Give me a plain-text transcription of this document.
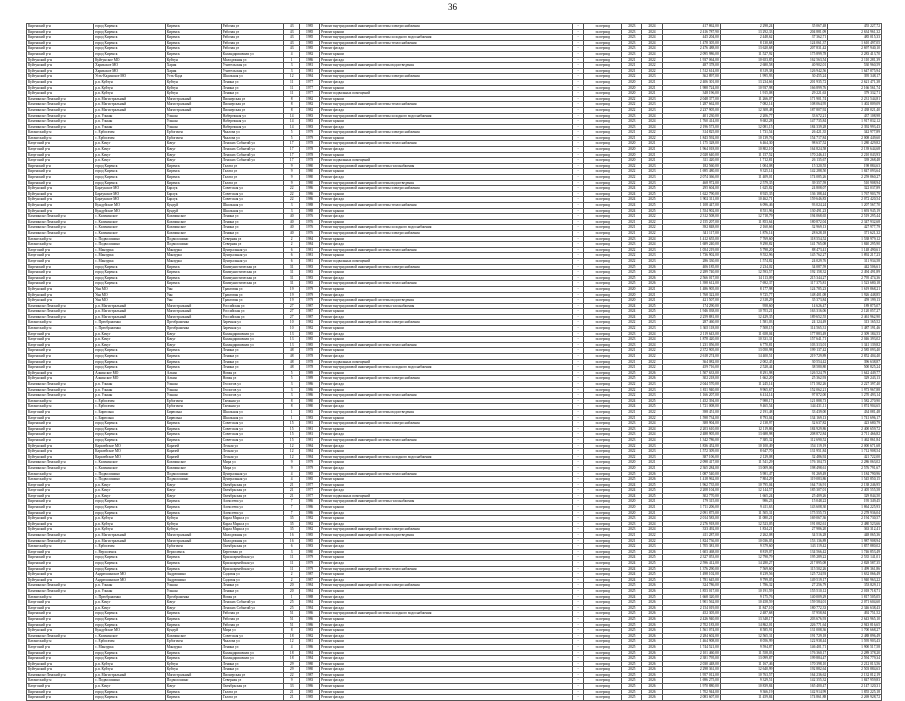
36
Киренский р-н	город Киренск	Киренск	Рабочая ул	43	1985	Ремонт внутридомовой инженерной системы электроснабжения	-	за период	2023	2024	417 862,00	2 298,24	35 067,48	455 227,72
Киренский р-н	город Киренск	Киренск	Рабочая ул	43	1985	Ремонт крыши	-	за период	2023	2024	2 416 787,90	13 292,33	204 881,09	2 634 961,32
Киренский р-н	город Киренск	Киренск	Рабочая ул	43	1985	Ремонт внутридомовой инженерной системы холодного водоснабжения	-	за период	2023	2024	445 204,00	2 448,62	37 362,71	485 015,33
Киренский р-н	город Киренск	Киренск	Рабочая ул	43	1985	Ремонт внутридомовой инженерной системы теплоснабжения	-	за период	2023	2024	1 478 305,00	8 130,68	124 061,37	1 610 497,05
Киренский р-н	город Киренск	Киренск	Рабочая ул	43	1985	Ремонт фасада	-	за период	2023	2024	2 476 488,00	13 620,68	207 831,42	2 697 940,10
Киренский р-н	город Киренск	Киренск	Каландаришвили ул	4	1982	Ремонт крыши	-	за период	2023	2024	2 095 986,00	11 527,92	175 899,78	2 283 413,70
Куйтунский р-н	Куйтунское МО	Куйтун	Молодежная ул	1	1986	Ремонт фасада	-	за период	2021	2022	1 937 064,00	10 653,85	162 563,54	2 110 281,39
Куйтунский р-н	Харикское МО	Харик	Учительская ул	3	1981	Ремонт внутридомовой инженерной системы водоотведения	-	за период	2021	2022	487 378,00	2 680,58	40 902,01	530 960,59
Куйтунский р-н	Харикское МО	Харик	Учительская ул	3	1981	Ремонт крыши	-	за период	2021	2022	1 512 614,00	8 319,38	126 942,56	1 647 875,94
Куйтунский р-н	Усть-Кадинское МО	Усть-Када	Школьная ул	12	1984	Ремонт внутридомовой инженерной системы электроснабжения	-	за период	2022	2023	362 897,00	1 995,93	30 455,24	395 348,17
Куйтунский р-н	р.п. Куйтун	Куйтун	Ленина ул	11	1977	Ремонт фасада	-	за период	2020	2021	2 406 301,00	13 234,66	201 935,72	2 621 471,38
Куйтунский р-н	р.п. Куйтун	Куйтун	Ленина ул	11	1977	Ремонт крыши	-	за период	2020	2021	1 988 724,00	10 937,98	166 899,76	2 166 561,74
Куйтунский р-н	р.п. Куйтун	Куйтун	Ленина ул	11	1977	Ремонт подвальных помещений	-	за период	2020	2021	348 196,00	1 915,08	29 221,63	379 332,71
Казачинско-Ленский р-н	р.п. Магистральный	Магистральный	Пионерская ул	8	1982	Ремонт крыши	-	за период	2022	2023	2 048 377,00	11 266,07	171 901,74	2 231 544,81
Казачинско-Ленский р-н	р.п. Магистральный	Магистральный	Пионерская ул	8	1982	Ремонт внутридомовой инженерной системы теплоснабжения	-	за период	2022	2023	1 287 662,00	7 082,14	108 064,95	1 402 809,09
Казачинско-Ленский р-н	р.п. Магистральный	Магистральный	Пионерская ул	8	1982	Ремонт фасада	-	за период	2022	2023	2 237 905,00	12 308,48	187 807,92	2 438 021,40
Казачинско-Ленский р-н	р.п. Улькан	Улькан	Набережная ул	14	1983	Ремонт внутридомовой инженерной системы холодного водоснабжения	-	за период	2023	2024	401 230,00	2 206,77	33 672,21	437 108,98
Казачинско-Ленский р-н	р.п. Улькан	Улькан	Набережная ул	14	1983	Ремонт крыши	-	за период	2023	2024	1 760 414,00	9 682,28	147 735,84	1 917 832,12
Казачинско-Ленский р-н	р.п. Улькан	Улькан	Набережная ул	14	1983	Ремонт фасада	-	за период	2023	2024	2 196 573,00	12 081,15	184 339,28	2 392 993,43
Катангский р-н	с. Ербогачен	Ербогачен	Чкалова ул	5	1979	Ремонт внутридомовой инженерной системы электроснабжения	-	за период	2021	2022	314 825,00	1 731,54	26 421,35	342 977,89
Катангский р-н	с. Ербогачен	Ербогачен	Чкалова ул	5	1979	Ремонт крыши	-	за период	2021	2022	1 843 592,00	10 139,76	154 717,84	2 008 449,60
Качугский р-н	р.п. Качуг	Качуг	Ленских Событий ул	17	1978	Ремонт внутридомовой инженерной системы теплоснабжения	-	за период	2020	2021	1 175 328,00	6 464,30	98 637,52	1 280 429,82
Качугский р-н	р.п. Качуг	Качуг	Ленских Событий ул	17	1978	Ремонт фасада	-	за период	2020	2021	1 964 018,00	10 802,10	164 824,58	2 139 644,68
Качугский р-н	р.п. Качуг	Качуг	Ленских Событий ул	17	1978	Ремонт крыши	-	за период	2020	2021	2 028 640,00	11 157,52	170 246,41	2 210 043,93
Качугский р-н	р.п. Качуг	Качуг	Ленских Событий ул	17	1978	Ремонт подвальных помещений	-	за период	2020	2021	311 420,00	1 712,81	26 135,67	339 268,48
Киренский р-н	город Киренск	Киренск	Галата ул	9	1980	Ремонт внутридомовой инженерной системы газоснабжения	-	за период	2022	2023	182 560,00	1 004,08	15 320,55	198 884,63
Киренский р-н	город Киренск	Киренск	Галата ул	9	1980	Ремонт крыши	-	за период	2022	2023	1 695 480,00	9 325,14	142 288,50	1 847 093,64
Киренский р-н	город Киренск	Киренск	Галата ул	9	1980	Ремонт фасада	-	за период	2022	2023	2 074 366,00	11 409,01	174 085,26	2 259 860,27
Киренский р-н	город Киренск	Киренск	Галата ул	9	1980	Ремонт внутридомовой инженерной системы водоотведения	-	за период	2022	2023	468 972,00	2 579,35	39 357,59	510 908,94
Куйтунский р-н	Барлукское МО	Барлук	Советская ул	22	1986	Ремонт внутридомовой инженерной системы электроснабжения	-	за период	2024	2025	295 604,00	1 625,82	24 808,07	322 037,89
Куйтунский р-н	Барлукское МО	Барлук	Советская ул	22	1986	Ремонт крыши	-	за период	2024	2025	1 622 790,00	8 925,35	136 188,44	1 767 903,79
Куйтунский р-н	Барлукское МО	Барлук	Советская ул	22	1986	Ремонт фасада	-	за период	2024	2025	1 902 311,00	10 462,71	159 646,83	2 072 420,54
Куйтунский р-н	Кундуйское МО	Кундуй	Школьная ул	3	1988	Ремонт внутридомовой инженерной системы теплоснабжения	-	за период	2024	2025	1 108 447,00	6 096,46	93 024,24	1 207 567,70
Куйтунский р-н	Кундуйское МО	Кундуй	Школьная ул	3	1988	Ремонт крыши	-	за период	2024	2025	1 554 902,00	8 551,96	130 491,23	1 693 945,19
Казачинско-Ленский р-н	с. Казачинское	Казачинское	Ленина ул	40	1976	Ремонт фасада	-	за период	2021	2022	2 312 508,00	12 718,79	194 068,65	2 519 295,44
Казачинско-Ленский р-н	с. Казачинское	Казачинское	Ленина ул	40	1976	Ремонт крыши	-	за период	2021	2022	2 155 207,00	11 853,64	180 872,04	2 347 932,68
Казачинско-Ленский р-н	с. Казачинское	Казачинское	Ленина ул	40	1976	Ремонт внутридомовой инженерной системы холодного водоснабжения	-	за период	2021	2022	392 848,00	2 160,66	32 969,13	427 977,79
Казачинско-Ленский р-н	с. Казачинское	Казачинское	Ленина ул	40	1976	Ремонт внутридомовой инженерной системы электроснабжения	-	за период	2021	2022	341 117,00	1 876,14	28 628,18	371 621,32
Катангский р-н	с. Подволошино	Подволошино	Северная ул	2	1984	Ремонт крыши	-	за период	2023	2024	1 412 655,00	7 769,60	118 554,52	1 538 979,12
Катангский р-н	с. Подволошино	Подволошино	Северная ул	2	1984	Ремонт фасада	-	за период	2023	2024	1 689 240,00	9 290,82	141 765,08	1 840 295,90
Качугский р-н	с. Манзурка	Манзурка	Центральная ул	6	1981	Ремонт внутридомовой инженерной системы теплоснабжения	-	за период	2022	2023	1 054 219,00	5 798,20	88 473,41	1 148 490,61
Качугский р-н	с. Манзурка	Манзурка	Центральная ул	6	1981	Ремонт крыши	-	за период	2022	2023	1 736 902,00	9 552,96	145 762,27	1 892 217,23
Качугский р-н	с. Манзурка	Манзурка	Центральная ул	6	1981	Ремонт подвальных помещений	-	за период	2022	2023	286 330,00	1 574,82	24 029,76	311 934,58
Киренский р-н	город Киренск	Киренск	Коммунистическая ул	31	1983	Ремонт внутридомовой инженерной системы электроснабжения	-	за период	2025	2026	406 185,00	2 234,02	34 087,59	442 506,61
Киренский р-н	город Киренск	Киренск	Коммунистическая ул	31	1983	Ремонт крыши	-	за период	2025	2026	2 289 740,00	12 593,57	192 158,32	2 494 491,89
Киренский р-н	город Киренск	Киренск	Коммунистическая ул	31	1983	Ремонт фасада	-	за период	2025	2026	2 566 017,00	14 113,09	215 344,27	2 795 474,36
Киренский р-н	город Киренск	Киренск	Коммунистическая ул	31	1983	Ремонт внутридомовой инженерной системы теплоснабжения	-	за период	2025	2026	1 398 612,00	7 692,37	117 375,81	1 523 680,18
Куйтунский р-н	Уян МО	Уян	Трактовая ул	19	1979	Ремонт крыши	-	за период	2020	2021	1 486 905,00	8 177,98	124 785,23	1 619 868,21
Куйтунский р-н	Уян МО	Уян	Трактовая ул	19	1979	Ремонт фасада	-	за период	2020	2021	1 768 322,00	9 725,77	148 401,08	1 926 448,85
Куйтунский р-н	Уян МО	Уян	Трактовая ул	19	1979	Ремонт внутридомовой инженерной системы водоотведения	-	за период	2020	2021	421 507,00	2 318,29	35 373,84	459 199,13
Казачинско-Ленский р-н	р.п. Магистральный	Магистральный	Российская ул	27	1987	Ремонт внутридомовой инженерной системы газоснабжения	-	за период	2024	2025	174 290,00	958,60	14 626,47	189 875,07
Казачинско-Ленский р-н	р.п. Магистральный	Магистральный	Российская ул	27	1987	Ремонт крыши	-	за период	2024	2025	1 946 038,00	10 703,21	163 316,06	2 120 057,27
Казачинско-Ленский р-н	р.п. Магистральный	Магистральный	Российская ул	27	1987	Ремонт фасада	-	за период	2024	2025	2 259 881,00	12 429,35	189 652,55	2 461 962,90
Катангский р-н	с. Преображенка	Преображенка	Заречная ул	10	1982	Ремонт внутридомовой инженерной системы электроснабжения	-	за период	2022	2023	287 460,00	1 581,03	24 124,49	313 165,52
Катангский р-н	с. Преображенка	Преображенка	Заречная ул	10	1982	Ремонт крыши	-	за период	2022	2023	1 365 118,00	7 508,15	114 565,31	1 487 191,46
Качугский р-н	р.п. Качуг	Качуг	Каландаришвили ул	13	1985	Ремонт фасада	-	за период	2023	2024	2 119 643,00	11 658,04	177 883,49	2 309 184,53
Качугский р-н	р.п. Качуг	Качуг	Каландаришвили ул	13	1985	Ремонт крыши	-	за период	2023	2024	1 878 420,00	10 331,31	157 641,71	2 046 393,02
Качугский р-н	р.п. Качуг	Качуг	Каландаришвили ул	13	1985	Ремонт внутридомовой инженерной системы теплоснабжения	-	за период	2023	2024	1 231 056,00	6 770,81	103 313,01	1 341 139,82
Киренский р-н	город Киренск	Киренск	Ленина ул	48	1978	Ремонт крыши	-	за период	2021	2022	2 372 905,00	13 050,98	199 137,42	2 585 093,40
Киренский р-н	город Киренск	Киренск	Ленина ул	48	1978	Ремонт фасада	-	за период	2021	2022	2 618 274,00	14 400,51	219 729,89	2 852 404,40
Киренский р-н	город Киренск	Киренск	Ленина ул	48	1978	Ремонт подвальных помещений	-	за период	2021	2022	364 082,00	2 002,45	30 554,42	396 638,87
Киренский р-н	город Киренск	Киренск	Ленина ул	48	1978	Ремонт внутридомовой инженерной системы холодного водоснабжения	-	за период	2021	2022	459 716,00	2 528,44	38 580,80	500 825,24
Куйтунский р-н	Алкинское МО	Алкин	Новая ул	5	1989	Ремонт крыши	-	за период	2025	2026	1 507 633,00	8 291,98	126 524,79	1 642 449,77
Куйтунский р-н	Алкинское МО	Алкин	Новая ул	5	1989	Ремонт внутридомовой инженерной системы электроснабжения	-	за период	2025	2026	302 218,00	1 662,20	25 362,93	329 243,13
Казачинско-Ленский р-н	р.п. Улькан	Улькан	Геологов ул	3	1986	Ремонт фасада	-	за период	2022	2023	2 044 570,00	11 245,14	171 582,26	2 227 397,40
Казачинско-Ленский р-н	р.п. Улькан	Улькан	Геологов ул	3	1986	Ремонт крыши	-	за период	2022	2023	1 811 940,00	9 965,67	152 062,21	1 973 967,88
Казачинско-Ленский р-н	р.п. Улькан	Улькан	Геологов ул	3	1986	Ремонт внутридомовой инженерной системы теплоснабжения	-	за период	2022	2023	1 166 207,00	6 414,14	97 872,00	1 270 493,14
Катангский р-н	с. Ербогачен	Ербогачен	Таежная ул	8	1980	Ремонт крыши	-	за период	2024	2025	1 452 394,00	7 988,17	121 888,73	1 582 270,90
Катангский р-н	с. Ербогачен	Ербогачен	Таежная ул	8	1980	Ремонт фасада	-	за период	2024	2025	1 721 008,00	9 465,54	144 431,11	1 874 904,65
Качугский р-н	с. Бирюлька	Бирюлька	Школьная ул	1	1983	Ремонт внутридомовой инженерной системы водоотведения	-	за период	2021	2022	398 451,00	2 191,48	33 439,00	434 081,48
Качугский р-н	с. Бирюлька	Бирюлька	Школьная ул	1	1983	Ремонт крыши	-	за период	2021	2022	1 598 734,00	8 793,04	134 169,13	1 741 696,17
Киренский р-н	город Киренск	Киренск	Советская ул	15	1981	Ремонт внутридомовой инженерной системы электроснабжения	-	за период	2023	2024	388 904,00	2 138,97	32 637,82	423 680,79
Киренский р-н	город Киренск	Киренск	Советская ул	15	1981	Ремонт крыши	-	за период	2023	2024	2 203 610,00	12 119,86	184 929,86	2 400 659,72
Киренский р-н	город Киренск	Киренск	Советская ул	15	1981	Ремонт фасада	-	за период	2023	2024	2 488 905,00	13 688,98	208 872,84	2 711 466,82
Киренский р-н	город Киренск	Киренск	Советская ул	15	1981	Ремонт внутридомовой инженерной системы теплоснабжения	-	за период	2023	2024	1 342 786,00	7 385,32	112 690,52	1 462 861,84
Куйтунский р-н	Каразейское МО	Каразей	Лесная ул	12	1984	Ремонт фасада	-	за период	2022	2023	1 836 452,00	10 100,49	154 119,19	2 000 671,68
Куйтунский р-н	Каразейское МО	Каразей	Лесная ул	12	1984	Ремонт крыши	-	за период	2022	2023	1 572 309,00	8 647,70	131 951,84	1 712 908,54
Куйтунский р-н	Каразейское МО	Каразей	Лесная ул	12	1984	Ремонт внутридомовой инженерной системы холодного водоснабжения	-	за период	2022	2023	387 106,00	2 129,08	32 486,92	421 722,00
Казачинско-Ленский р-н	с. Казачинское	Казачинское	Мира ул	9	1979	Ремонт крыши	-	за период	2020	2021	2 098 417,00	11 541,29	176 104,73	2 286 063,02
Казачинско-Ленский р-н	с. Казачинское	Казачинское	Мира ул	9	1979	Ремонт фасада	-	за период	2020	2021	2 365 284,00	13 009,06	198 498,61	2 576 791,67
Катангский р-н	с. Подволошино	Подволошино	Центральная ул	4	1985	Ремонт внутридомовой инженерной системы теплоснабжения	-	за период	2025	2026	1 087 540,00	5 981,47	91 269,49	1 184 790,96
Катангский р-н	с. Подволошино	Подволошино	Центральная ул	4	1985	Ремонт крыши	-	за период	2025	2026	1 418 962,00	7 804,29	119 083,86	1 545 850,15
Качугский р-н	р.п. Качуг	Качуг	Октябрьская ул	21	1977	Ремонт крыши	-	за период	2024	2025	1 962 735,00	10 795,04	164 716,91	2 138 246,95
Качугский р-н	р.п. Качуг	Качуг	Октябрьская ул	21	1977	Ремонт фасада	-	за период	2024	2025	2 208 104,00	12 144,57	185 307,01	2 405 555,58
Качугский р-н	р.п. Качуг	Качуг	Октябрьская ул	21	1977	Ремонт подвальных помещений	-	за период	2024	2025	302 770,00	1 665,24	25 409,26	329 844,50
Киренский р-н	город Киренск	Киренск	Алексеева ул	7	1986	Ремонт внутридомовой инженерной системы газоснабжения	-	за период	2020	2021	179 315,00	986,23	15 048,22	195 349,45
Киренский р-н	город Киренск	Киренск	Алексеева ул	7	1986	Ремонт крыши	-	за период	2020	2021	1 711 206,00	9 411,63	143 608,30	1 864 225,93
Киренский р-н	город Киренск	Киренск	Алексеева ул	7	1986	Ремонт фасада	-	за период	2020	2021	2 091 875,00	11 505,31	175 555,73	2 278 936,04
Куйтунский р-н	р.п. Куйтун	Куйтун	Карла Маркса ул	35	1982	Ремонт крыши	-	за период	2023	2024	2 014 583,00	11 080,21	169 067,36	2 194 730,57
Куйтунский р-н	р.п. Куйтун	Куйтун	Карла Маркса ул	35	1982	Ремонт фасада	-	за период	2023	2024	2 276 918,00	12 523,05	191 082,61	2 480 523,66
Куйтунский р-н	р.п. Куйтун	Куйтун	Карла Маркса ул	35	1982	Ремонт внутридомовой инженерной системы электроснабжения	-	за период	2023	2024	333 492,00	1 834,21	27 986,20	363 312,41
Казачинско-Ленский р-н	р.п. Магистральный	Магистральный	Молодежная ул	16	1985	Ремонт внутридомовой инженерной системы водоотведения	-	за период	2021	2022	411 287,00	2 262,08	34 516,28	448 065,36
Казачинско-Ленский р-н	р.п. Магистральный	Магистральный	Молодежная ул	16	1985	Ремонт крыши	-	за период	2021	2022	1 824 736,00	10 036,05	153 136,89	1 987 908,94
Катангский р-н	с. Ербогачен	Ербогачен	Октябрьская ул	6	1983	Ремонт фасада	-	за период	2022	2023	1 705 381,00	9 379,60	143 119,42	1 857 880,02
Качугский р-н	с. Верхоленск	Верхоленск	Береговая ул	3	1980	Ремонт крыши	-	за период	2025	2026	1 603 468,00	8 819,07	134 566,42	1 746 853,49
Киренский р-н	город Киренск	Киренск	Красноармейская ул	11	1979	Ремонт крыши	-	за период	2024	2025	2 327 053,00	12 798,79	195 289,22	2 535 141,01
Киренский р-н	город Киренск	Киренск	Красноармейская ул	11	1979	Ремонт фасада	-	за период	2024	2025	2 596 412,00	14 280,27	217 895,08	2 828 587,35
Киренский р-н	город Киренск	Киренск	Красноармейская ул	11	1979	Ремонт внутридомовой инженерной системы теплоснабжения	-	за период	2024	2025	1 376 290,00	7 569,60	115 502,26	1 499 361,86
Куйтунский р-н	Андрюшинское МО	Андрюшино	Садовая ул	2	1987	Ремонт крыши	-	за период	2024	2025	1 498 102,00	8 239,56	125 724,93	1 632 066,49
Куйтунский р-н	Андрюшинское МО	Андрюшино	Садовая ул	2	1987	Ремонт фасада	-	за период	2024	2025	1 781 645,00	9 799,05	149 519,17	1 940 963,22
Казачинско-Ленский р-н	р.п. Улькан	Улькан	Ленина ул	20	1984	Ремонт внутридомовой инженерной системы электроснабжения	-	за период	2025	2026	324 786,00	1 786,32	27 256,79	353 829,11
Казачинско-Ленский р-н	р.п. Улькан	Улькан	Ленина ул	20	1984	Ремонт крыши	-	за период	2025	2026	1 853 017,00	10 191,59	155 510,12	2 018 718,71
Катангский р-н	с. Преображенка	Преображенка	Новая ул	1	1988	Ремонт фасада	-	за период	2024	2025	1 668 320,00	9 175,76	140 009,29	1 817 505,05
Качугский р-н	р.п. Качуг	Качуг	Ленских Событий ул	25	1984	Ремонт крыши	-	за период	2025	2026	1 901 562,00	10 458,59	159 584,01	2 071 604,60
Качугский р-н	р.п. Качуг	Качуг	Ленских Событий ул	25	1984	Ремонт фасада	-	за период	2025	2026	2 154 019,00	11 847,10	180 772,33	2 346 638,43
Киренский р-н	город Киренск	Киренск	Рабочая ул	51	1986	Ремонт внутридомовой инженерной системы холодного водоснабжения	-	за период	2025	2026	452 305,00	2 487,68	37 958,84	492 751,52
Киренский р-н	город Киренск	Киренск	Рабочая ул	51	1986	Ремонт крыши	-	за период	2025	2026	2 426 940,00	13 348,17	203 676,93	2 643 965,10
Киренский р-н	город Киренск	Киренск	Рабочая ул	51	1986	Ремонт фасада	-	за период	2025	2026	2 702 183,00	14 862,01	226 771,64	2 943 816,65
Куйтунский р-н	Кундуйское МО	Кундуй	Мира ул	8	1983	Ремонт крыши	-	за период	2025	2026	1 561 074,00	8 585,91	131 008,36	1 700 668,27
Казачинско-Ленский р-н	с. Казачинское	Казачинское	Советская ул	18	1982	Ремонт фасада	-	за период	2025	2026	2 284 602,00	12 565,31	191 729,18	2 488 896,49
Катангский р-н	с. Ербогачен	Ербогачен	Чкалова ул	12	1981	Ремонт крыши	-	за период	2025	2026	1 464 908,00	8 056,99	122 938,44	1 595 903,43
Качугский р-н	с. Манзурка	Манзурка	Ленина ул	4	1986	Ремонт крыши	-	за период	2025	2026	1 744 521,00	9 594,87	146 401,71	1 900 517,58
Киренский р-н	город Киренск	Киренск	Каландаришвили ул	18	1984	Ремонт крыши	-	за период	2025	2026	2 101 460,00	11 558,03	176 360,17	2 289 378,20
Киренский р-н	город Киренск	Киренск	Каландаришвили ул	18	1984	Ремонт фасада	-	за период	2025	2026	2 381 795,00	13 099,87	199 884,47	2 594 779,34
Куйтунский р-н	р.п. Куйтун	Куйтун	Ленина ул	29	1980	Ремонт крыши	-	за период	2025	2026	2 030 448,00	11 167,46	170 398,10	2 212 013,56
Куйтунский р-н	р.п. Куйтун	Куйтун	Ленина ул	29	1980	Ремонт фасада	-	за период	2025	2026	2 298 361,00	12 640,99	192 882,64	2 503 884,63
Казачинско-Ленский р-н	р.п. Магистральный	Магистральный	Пионерская ул	22	1987	Ремонт крыши	-	за период	2025	2026	1 957 012,00	10 763,57	164 236,62	2 132 012,19
Катангский р-н	с. Подволошино	Подволошино	Северная ул	9	1983	Ремонт фасада	-	за период	2025	2026	1 696 275,00	9 329,51	142 355,32	1 847 959,83
Качугский р-н	р.п. Качуг	Качуг	Октябрьская ул	33	1986	Ремонт крыши	-	за период	2025	2026	1 970 880,00	10 839,84	165 400,47	2 147 120,31
Киренский р-н	город Киренск	Киренск	Галата ул	21	1985	Ремонт крыши	-	за период	2025	2026	1 702 944,00	9 366,19	142 914,99	1 855 225,18
Киренский р-н	город Киренск	Киренск	Галата ул	21	1985	Ремонт фасада	-	за период	2025	2026	2 083 607,00	11 459,84	174 861,88	2 269 928,72
